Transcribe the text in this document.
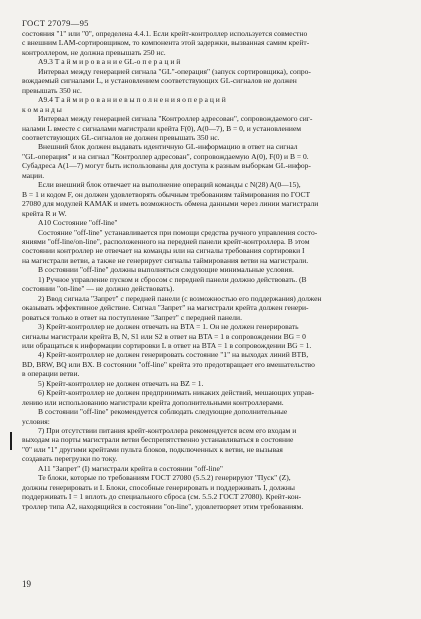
ГОСТ 27079—95
состояния "1" или "0", определена 4.4.1. Если крейт-контроллер используется совместно
с внешним LAM-сортировщиком, то компонента этой задержки, вызванная самим крейт-
контроллером, не должна превышать 250 нс.
А9.3 Т а й м и р о в а н и е GL-о п е р а ц и й
Интервал между генерацией сигнала "GL"-операция" (запуск сортировщика), сопро-
вождаемый сигналами L, и установлением соответствующих GL-сигналов не должен
превышать 350 нс.
А9.4 Т а й м и р о в а н и е в ы п о л н е н и я о п е р а ц и й
к о м а н д ы
Интервал между генерацией сигнала "Контроллер адресован", сопровождаемого сиг-
налами L вместе с сигналами магистрали крейта F(0), A(0—7), B = 0, и установлением
соответствующих GL-сигналов не должен превышать 350 нс.
Внешний блок должен выдавать идентичную GL-информацию в ответ на сигнал
"GL-операция" и на сигнал "Контроллер адресован", сопровождаемую A(0), F(0) и B = 0.
Субадреса A(1—7) могут быть использованы для доступа к разным выборкам GL-инфор-
мации.
Если внешний блок отвечает на выполнение операций команды с N(28) A(0—15),
B = 1 и кодом F, он должен удовлетворять обычным требованиям таймирования по ГОСТ
27080 для модулей КАМАК и иметь возможность обмена данными через линии магистрали
крейта R и W.
А10 Состояние "off-line"
Состояние "off-line" устанавливается при помощи средства ручного управления состо-
яниями "off-line/on-line", расположенного на передней панели крейт-контроллера. В этом
состоянии контроллер не отвечает на команды или на сигналы требования сортировки I
на магистрали ветви, а также не генерирует сигналы таймирования ветви на магистрали.
В состоянии "off-line" должны выполняться следующие минимальные условия.
1) Ручное управление пуском и сбросом с передней панели должно действовать. (В
состоянии "on-line" — не должно действовать).
2) Ввод сигнала "Запрет" с передней панели (с возможностью его поддержания) должен
оказывать эффективное действие. Сигнал "Запрет" на магистрали крейта должен генери-
роваться только в ответ на поступление "Запрет" с передней панели.
3) Крейт-контроллер не должен отвечать на BTA = 1. Он не должен генерировать
сигналы магистрали крейта B, N, S1 или S2 в ответ на BTA = 1 в сопровождении BG = 0
или обращаться к информации сортировки L в ответ на BTA = 1 в сопровождении BG = 1.
4) Крейт-контроллер не должен генерировать состояние "1" на выходах линий BTB,
BD, BRW, BQ или BX. В состоянии "off-line" крейта это предотвращает его вмешательство
в операции ветви.
5) Крейт-контроллер не должен отвечать на BZ = 1.
6) Крейт-контроллер не должен предпринимать никаких действий, мешающих управ-
лению или использованию магистрали крейта дополнительными контроллерами.
В состоянии "off-line" рекомендуется соблюдать следующие дополнительные
условия:
7) При отсутствии питания крейт-контроллера рекомендуется всем его входам и
выходам на порты магистрали ветви беспрепятственно устанавливаться в состояние
"0" или "1" другими крейтами пульта блоков, подключенных к ветви, не вызывая
создавать перегрузки по току.
А11 "Запрет" (I) магистрали крейта в состоянии "off-line"
Те блоки, которые по требованиям ГОСТ 27080 (5.5.2) генерируют "Пуск" (Z),
должны генерировать и I. Блоки, способные генерировать и поддерживать I, должны
поддерживать I = 1 вплоть до специального сброса (см. 5.5.2 ГОСТ 27080). Крейт-кон-
троллер типа А2, находящийся в состоянии "on-line", удовлетворяет этим требованиям.
19
